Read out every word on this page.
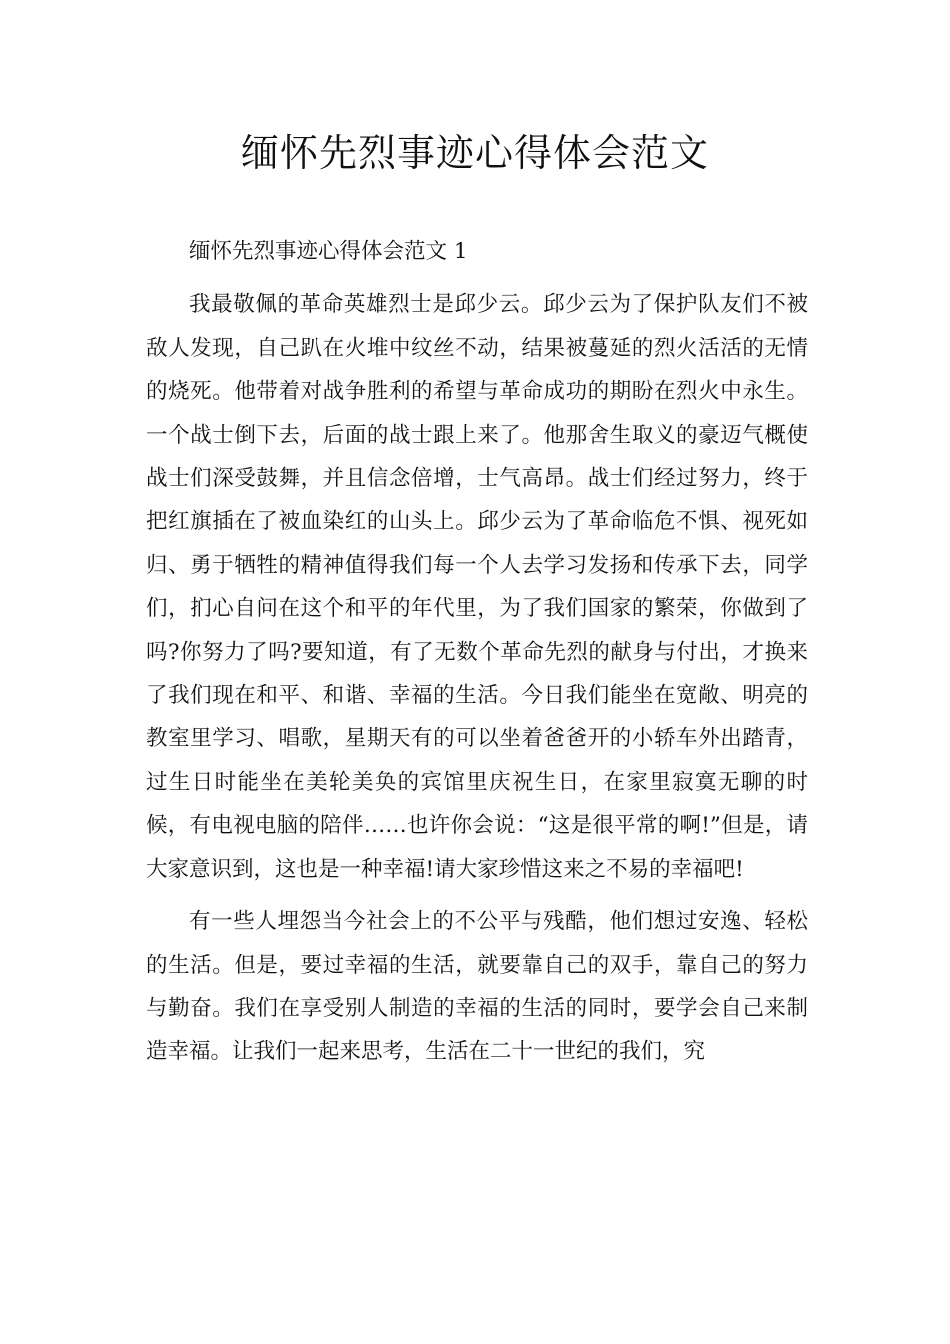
缅怀先烈事迹心得体会范文

缅怀先烈事迹心得体会范文 1

我最敬佩的革命英雄烈士是邱少云。邱少云为了保护队友们不被敌人发现，自己趴在火堆中纹丝不动，结果被蔓延的烈火活活的无情的烧死。他带着对战争胜利的希望与革命成功的期盼在烈火中永生。一个战士倒下去，后面的战士跟上来了。他那舍生取义的豪迈气概使战士们深受鼓舞，并且信念倍增，士气高昂。战士们经过努力，终于把红旗插在了被血染红的山头上。邱少云为了革命临危不惧、视死如归、勇于牺牲的精神值得我们每一个人去学习发扬和传承下去，同学们，扪心自问在这个和平的年代里，为了我们国家的繁荣，你做到了吗?你努力了吗?要知道，有了无数个革命先烈的献身与付出，才换来了我们现在和平、和谐、幸福的生活。今日我们能坐在宽敞、明亮的教室里学习、唱歌，星期天有的可以坐着爸爸开的小轿车外出踏青，过生日时能坐在美轮美奂的宾馆里庆祝生日，在家里寂寞无聊的时候，有电视电脑的陪伴……也许你会说：“这是很平常的啊!”但是，请大家意识到，这也是一种幸福!请大家珍惜这来之不易的幸福吧!

有一些人埋怨当今社会上的不公平与残酷，他们想过安逸、轻松的生活。但是，要过幸福的生活，就要靠自己的双手，靠自己的努力与勤奋。我们在享受别人制造的幸福的生活的同时，要学会自己来制造幸福。让我们一起来思考，生活在二十一世纪的我们，究
